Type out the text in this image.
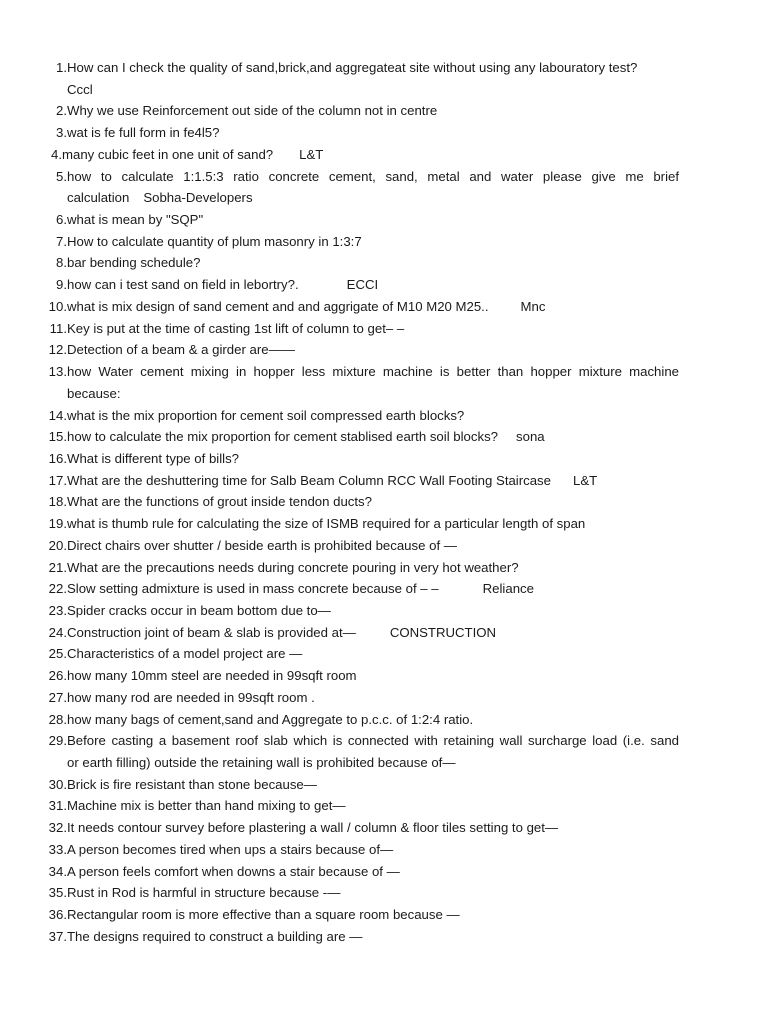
1. How can I check the quality of sand,brick,and aggregateat site without using any labouratory test?
Cccl
2. Why we use Reinforcement out side of the column not in centre
3. wat is fe full form in fe4l5?
4. many cubic feet in one unit of sand?	L&T
5. how to calculate 1:1.5:3 ratio concrete cement, sand, metal and water please give me brief
calculation Sobha-Developers
6. what is mean by "SQP"
7. How to calculate quantity of plum masonry in 1:3:7
8. bar bending schedule?
9. how can i test sand on field in lebortry?.	ECCI
10. what is mix design of sand cement and and aggrigate of M10 M20 M25..	Mnc
11. Key is put at the time of casting 1st lift of column to get– –
12. Detection of a beam & a girder are——
13. how Water cement mixing in hopper less mixture machine is better than hopper mixture machine
because:
14. what is the mix proportion for cement soil compressed earth blocks?
15. how to calculate the mix proportion for cement stablised earth soil blocks?	sona
16. What is different type of bills?
17. What are the deshuttering time for Salb Beam Column RCC Wall Footing Staircase	L&T
18. What are the functions of grout inside tendon ducts?
19. what is thumb rule for calculating the size of ISMB required for a particular length of span
20. Direct chairs over shutter / beside earth is prohibited because of —
21. What are the precautions needs during concrete pouring in very hot weather?
22. Slow setting admixture is used in mass concrete because of – –	Reliance
23. Spider cracks occur in beam bottom due to—
24. Construction joint of beam & slab is provided at—	CONSTRUCTION
25. Characteristics of a model project are —
26. how many 10mm steel are needed in 99sqft room
27. how many rod are needed in 99sqft room .
28. how many bags of cement,sand and Aggregate to p.c.c. of 1:2:4 ratio.
29. Before casting a basement roof slab which is connected with retaining wall surcharge load (i.e. sand
or earth filling) outside the retaining wall is prohibited because of—
30. Brick is fire resistant than stone because—
31. Machine mix is better than hand mixing to get—
32. It needs contour survey before plastering a wall / column & floor tiles setting to get—
33. A person becomes tired when ups a stairs because of—
34. A person feels comfort when downs a stair because of —
35. Rust in Rod is harmful in structure because -—
36. Rectangular room is more effective than a square room because —
37. The designs required to construct a building are —
